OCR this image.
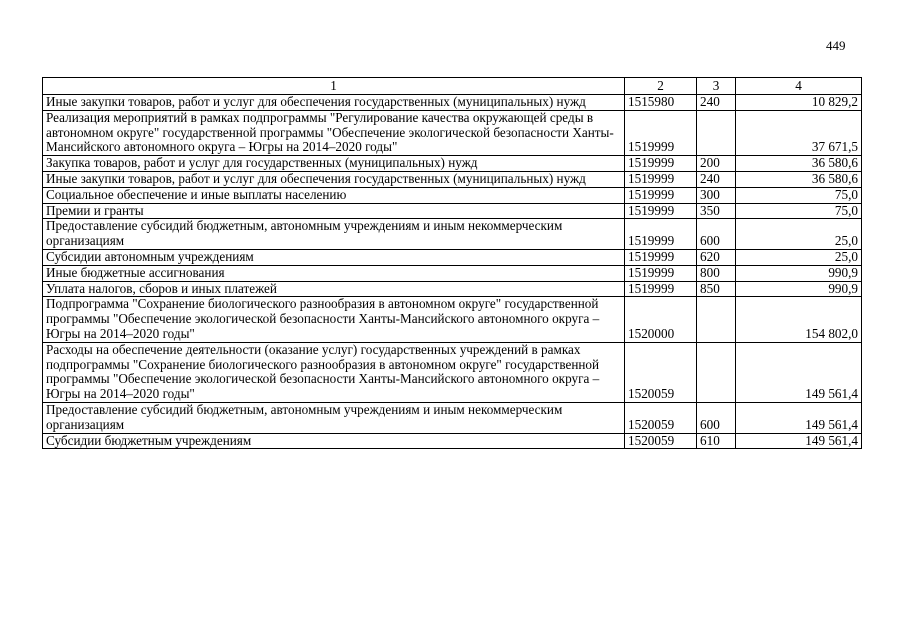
449
1	2	3	4
Иные закупки товаров, работ и услуг для обеспечения государственных (муниципальных) нужд	1515980	240	10 829,2
Реализация мероприятий в рамках подпрограммы "Регулирование качества окружающей среды в автономном округе" государственной программы "Обеспечение экологической безопасности Ханты-Мансийского автономного округа – Югры на 2014–2020 годы"	1519999		37 671,5
Закупка товаров, работ и услуг для государственных (муниципальных) нужд	1519999	200	36 580,6
Иные закупки товаров, работ и услуг для обеспечения государственных (муниципальных) нужд	1519999	240	36 580,6
Социальное обеспечение и иные выплаты населению	1519999	300	75,0
Премии и гранты	1519999	350	75,0
Предоставление субсидий бюджетным, автономным учреждениям и иным некоммерческим организациям	1519999	600	25,0
Субсидии автономным учреждениям	1519999	620	25,0
Иные бюджетные ассигнования	1519999	800	990,9
Уплата налогов, сборов и иных платежей	1519999	850	990,9
Подпрограмма "Сохранение биологического разнообразия в автономном округе" государственной программы "Обеспечение экологической безопасности Ханты-Мансийского автономного округа – Югры на 2014–2020 годы"	1520000		154 802,0
Расходы на обеспечение деятельности (оказание услуг) государственных учреждений в рамках подпрограммы "Сохранение биологического разнообразия в автономном округе" государственной программы "Обеспечение экологической безопасности Ханты-Мансийского автономного округа – Югры на 2014–2020 годы"	1520059		149 561,4
Предоставление субсидий бюджетным, автономным учреждениям и иным некоммерческим организациям	1520059	600	149 561,4
Субсидии бюджетным учреждениям	1520059	610	149 561,4
